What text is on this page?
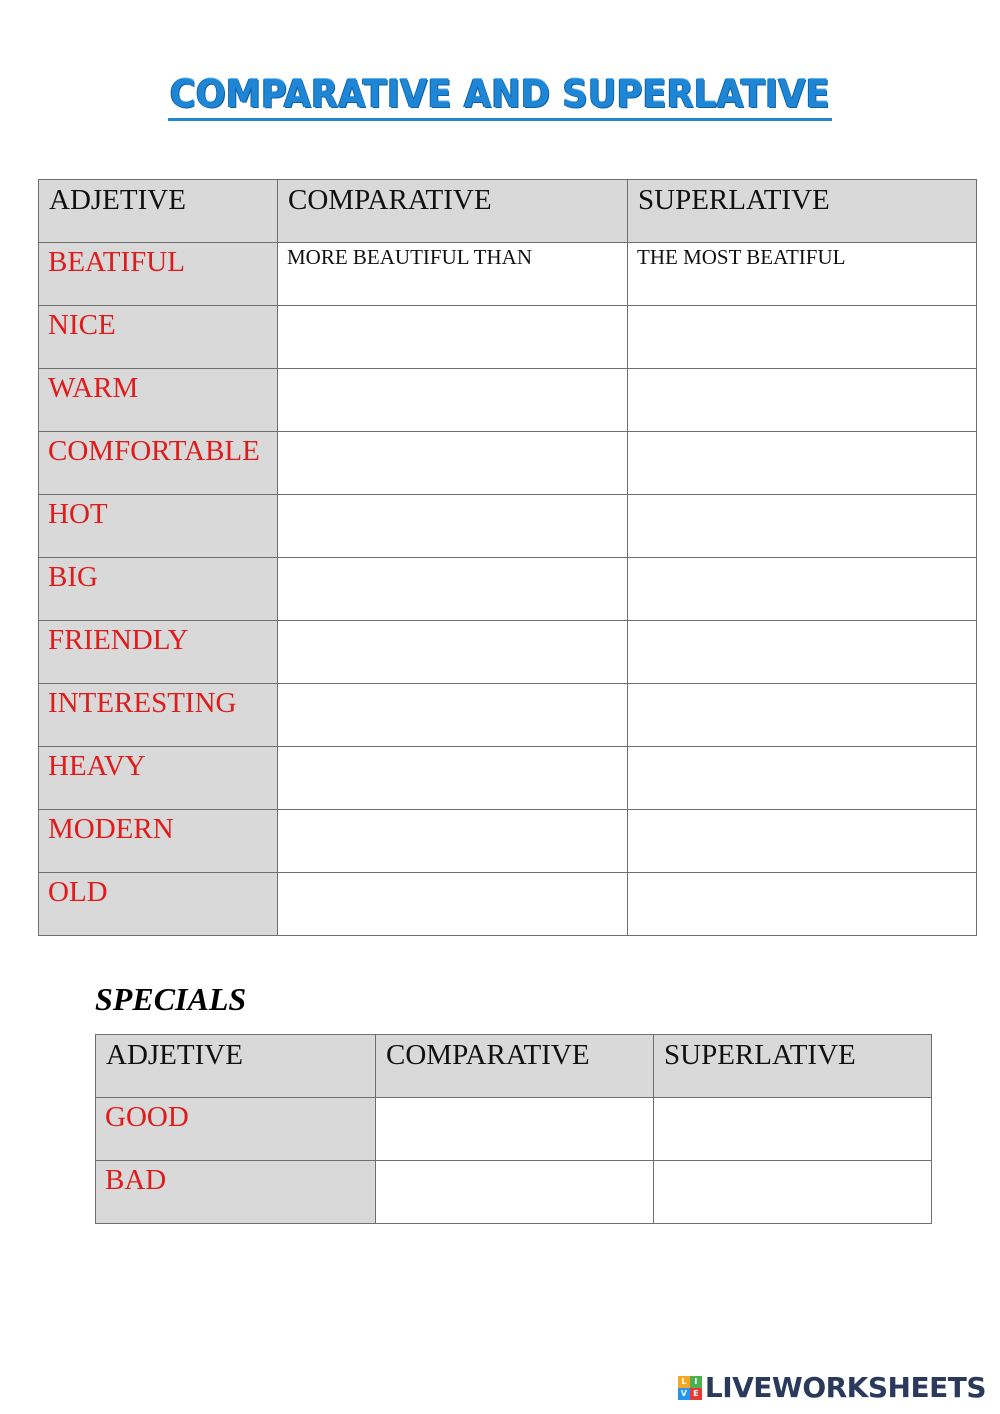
COMPARATIVE AND SUPERLATIVE
ADJETIVE	COMPARATIVE	SUPERLATIVE

BEATIFUL	MORE BEAUTIFUL THAN	THE MOST BEATIFUL

NICE		

WARM		

COMFORTABLE		

HOT		

BIG		

FRIENDLY		

INTERESTING		

HEAVY		

MODERN		

OLD		

SPECIALS
ADJETIVE	COMPARATIVE	SUPERLATIVE

GOOD		

BAD		

L I
V E LIVEWORKSHEETS
